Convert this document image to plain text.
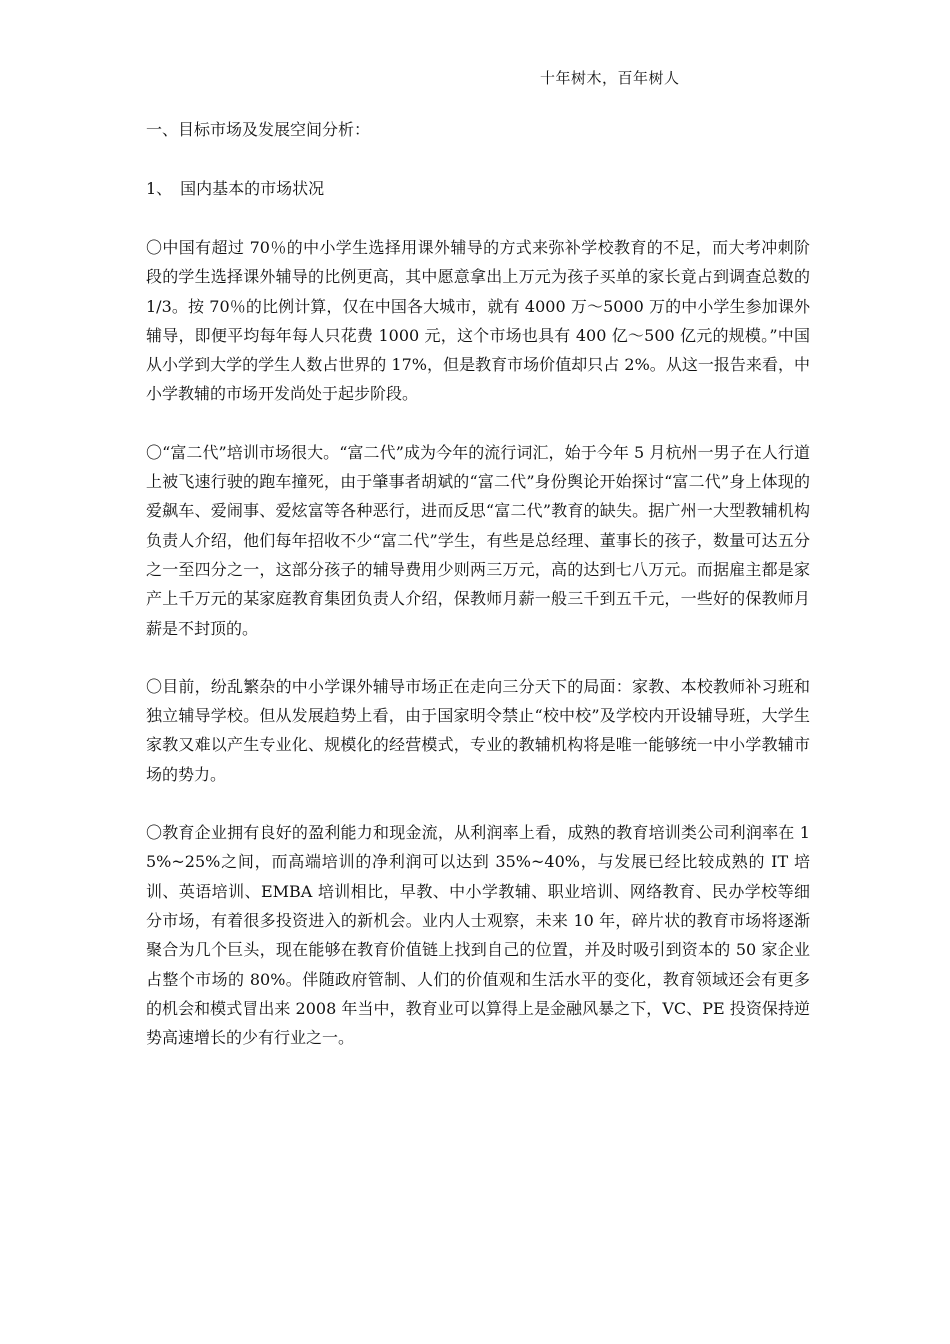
十年树木，百年树人

一、目标市场及发展空间分析：

1、　国内基本的市场状况

〇中国有超过 70％的中小学生选择用课外辅导的方式来弥补学校教育的不足，而大考冲刺阶段的学生选择课外辅导的比例更高，其中愿意拿出上万元为孩子买单的家长竟占到调查总数的 1/3。按 70％的比例计算，仅在中国各大城市，就有 4000 万～5000 万的中小学生参加课外辅导，即便平均每年每人只花费 1000 元，这个市场也具有 400 亿～500 亿元的规模。”中国从小学到大学的学生人数占世界的 17%，但是教育市场价值却只占 2%。从这一报告来看，中小学教辅的市场开发尚处于起步阶段。

〇“富二代”培训市场很大。“富二代”成为今年的流行词汇，始于今年 5 月杭州一男子在人行道上被飞速行驶的跑车撞死，由于肇事者胡斌的“富二代”身份舆论开始探讨“富二代”身上体现的爱飙车、爱闹事、爱炫富等各种恶行，进而反思“富二代”教育的缺失。据广州一大型教辅机构负责人介绍，他们每年招收不少“富二代”学生，有些是总经理、董事长的孩子，数量可达五分之一至四分之一，这部分孩子的辅导费用少则两三万元，高的达到七八万元。而据雇主都是家产上千万元的某家庭教育集团负责人介绍，保教师月薪一般三千到五千元，一些好的保教师月薪是不封顶的。

〇目前，纷乱繁杂的中小学课外辅导市场正在走向三分天下的局面：家教、本校教师补习班和独立辅导学校。但从发展趋势上看，由于国家明令禁止“校中校”及学校内开设辅导班，大学生家教又难以产生专业化、规模化的经营模式，专业的教辅机构将是唯一能够统一中小学教辅市场的势力。

〇教育企业拥有良好的盈利能力和现金流，从利润率上看，成熟的教育培训类公司利润率在 15%~25%之间，而高端培训的净利润可以达到 35%~40%，与发展已经比较成熟的 IT 培训、英语培训、EMBA 培训相比，早教、中小学教辅、职业培训、网络教育、民办学校等细分市场，有着很多投资进入的新机会。业内人士观察，未来 10 年，碎片状的教育市场将逐渐聚合为几个巨头，现在能够在教育价值链上找到自己的位置，并及时吸引到资本的 50 家企业占整个市场的 80%。伴随政府管制、人们的价值观和生活水平的变化，教育领域还会有更多的机会和模式冒出来 2008 年当中，教育业可以算得上是金融风暴之下，VC、PE 投资保持逆势高速增长的少有行业之一。
